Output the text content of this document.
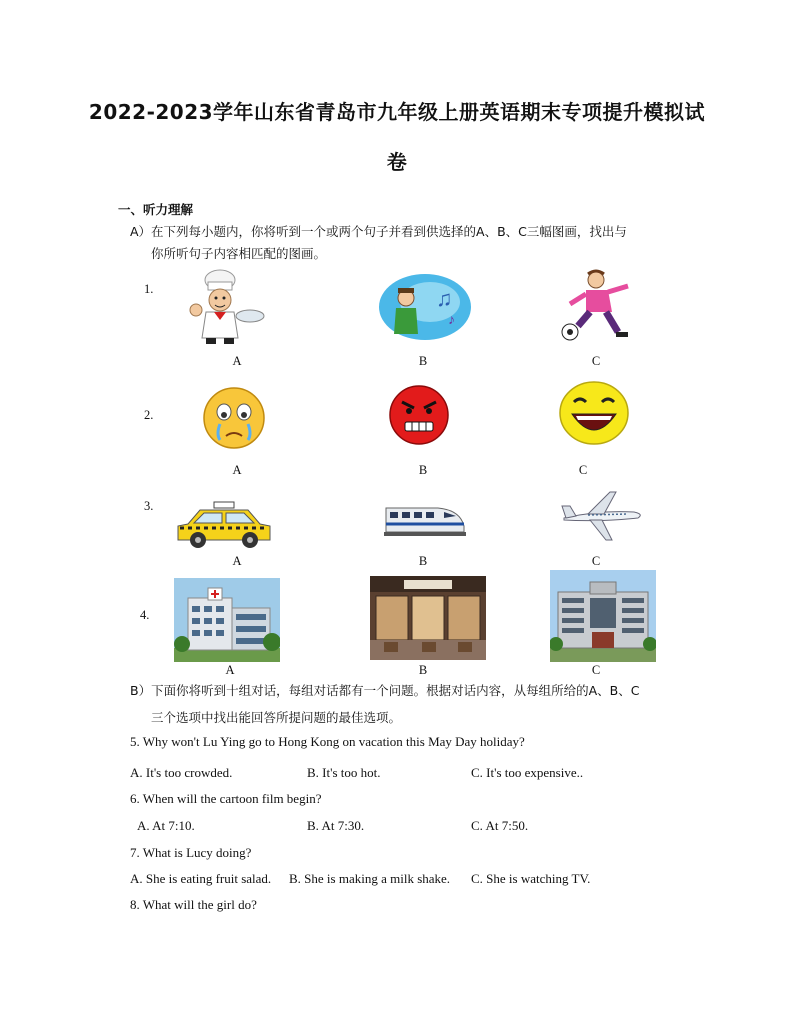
2022-2023学年山东省青岛市九年级上册英语期末专项提升模拟试
卷
一、听力理解
A）在下列每小题内，你将听到一个或两个句子并看到供选择的A、B、C三幅图画，找出与
你所听句子内容相匹配的图画。
1.
A
♫
♪
B	C
2.
A	B	C
3.
A	B	C
4.
A	B	C
B）下面你将听到十组对话，每组对话都有一个问题。根据对话内容，从每组所给的A、B、C
三个选项中找出能回答所提问题的最佳选项。
5. Why won't Lu Ying go to Hong Kong on vacation this May Day holiday?
A. It's too crowded.	B. It's too hot.	C. It's too expensive..
6. When will the cartoon film begin?
A. At 7:10.	B. At 7:30.	C. At 7:50.
7. What is Lucy doing?
A. She is eating fruit salad. B. She is making a milk shake. C. She is watching TV.
8. What will the girl do?
